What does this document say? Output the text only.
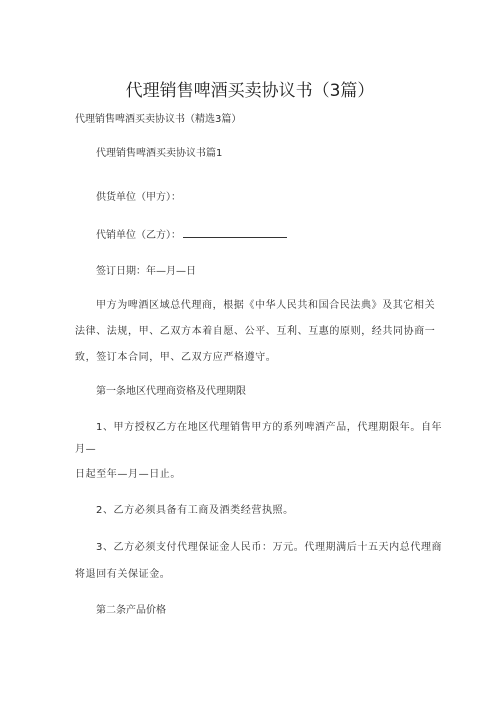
代理销售啤酒买卖协议书（3篇）
代理销售啤酒买卖协议书（精选3篇）
代理销售啤酒买卖协议书篇1
供货单位（甲方）：
代销单位（乙方）：
签订日期：年—月—日
甲方为啤酒区域总代理商，根据《中华人民共和国合民法典》及其它相关
法律、法规，甲、乙双方本着自愿、公平、互利、互惠的原则，经共同协商一
致，签订本合同，甲、乙双方应严格遵守。
第一条地区代理商资格及代理期限
1、甲方授权乙方在地区代理销售甲方的系列啤酒产品，代理期限年。自年
月—
日起至年—月—日止。
2、乙方必须具备有工商及酒类经营执照。
3、乙方必须支付代理保证金人民币：万元。代理期满后十五天内总代理商
将退回有关保证金。
第二条产品价格
